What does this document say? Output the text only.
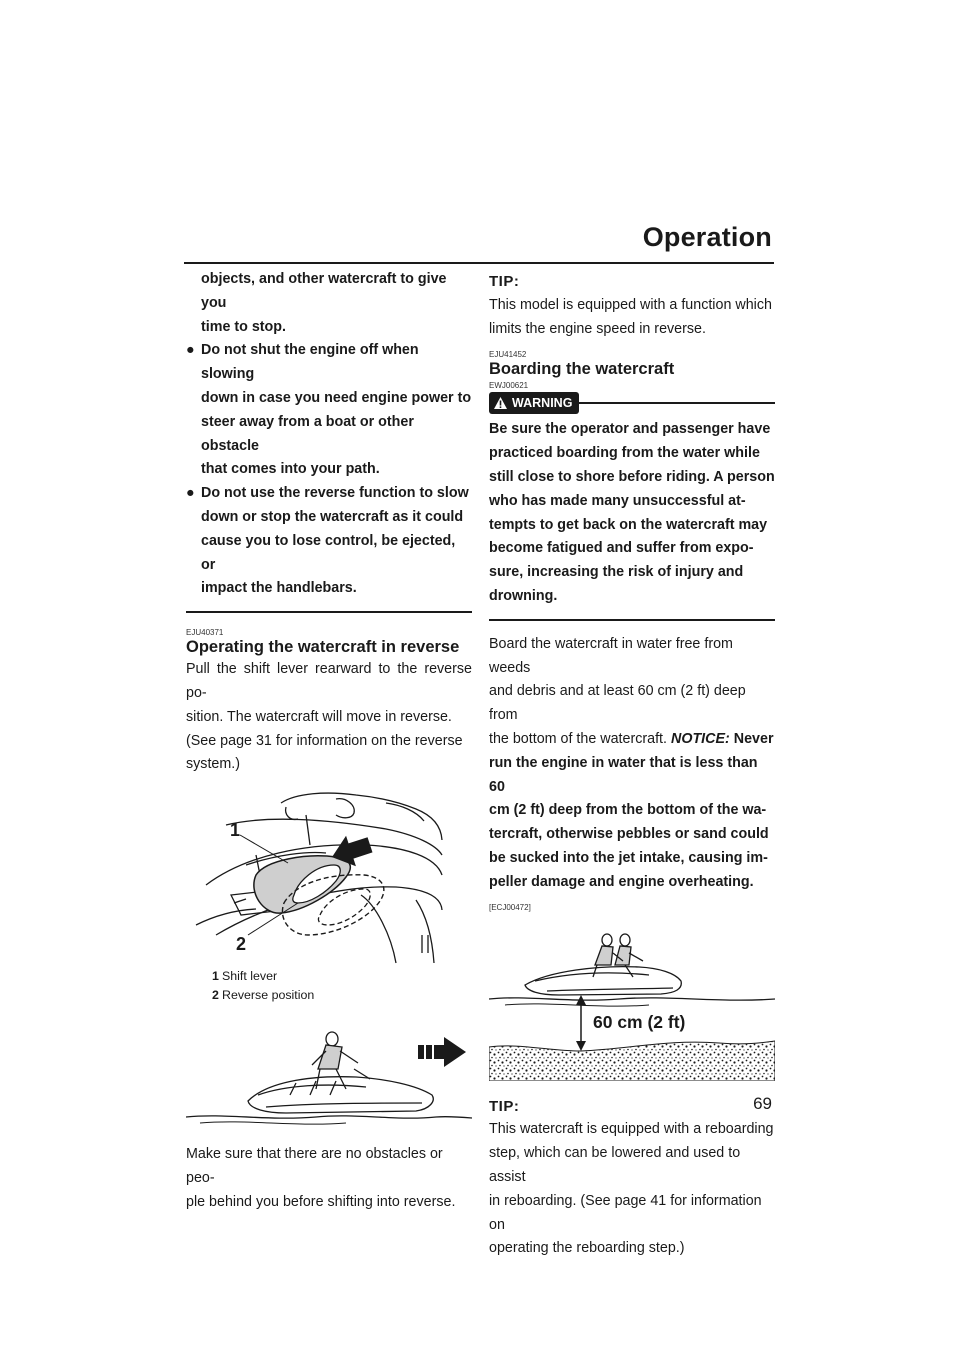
Operation
objects, and other watercraft to give you
time to stop.
● Do not shut the engine off when slowing
down in case you need engine power to
steer away from a boat or other obstacle
that comes into your path.
● Do not use the reverse function to slow
down or stop the watercraft as it could
cause you to lose control, be ejected, or
impact the handlebars.
EJU40371
Operating the watercraft in reverse
Pull the shift lever rearward to the reverse po-
sition. The watercraft will move in reverse.
(See page 31 for information on the reverse
system.)
1
2
1 Shift lever
2 Reverse position
Make sure that there are no obstacles or peo-
ple behind you before shifting into reverse.
TIP:
This model is equipped with a function which
limits the engine speed in reverse.
EJU41452
Boarding the watercraft
EWJ00621
WARNING
Be sure the operator and passenger have
practiced boarding from the water while
still close to shore before riding. A person
who has made many unsuccessful at-
tempts to get back on the watercraft may
become fatigued and suffer from expo-
sure, increasing the risk of injury and
drowning.
Board the watercraft in water free from weeds
and debris and at least 60 cm (2 ft) deep from
the bottom of the watercraft. NOTICE: Never
run the engine in water that is less than 60
cm (2 ft) deep from the bottom of the wa-
tercraft, otherwise pebbles or sand could
be sucked into the jet intake, causing im-
peller damage and engine overheating.
[ECJ00472]
60 cm (2 ft)
TIP:
This watercraft is equipped with a reboarding
step, which can be lowered and used to assist
in reboarding. (See page 41 for information on
operating the reboarding step.)
69
